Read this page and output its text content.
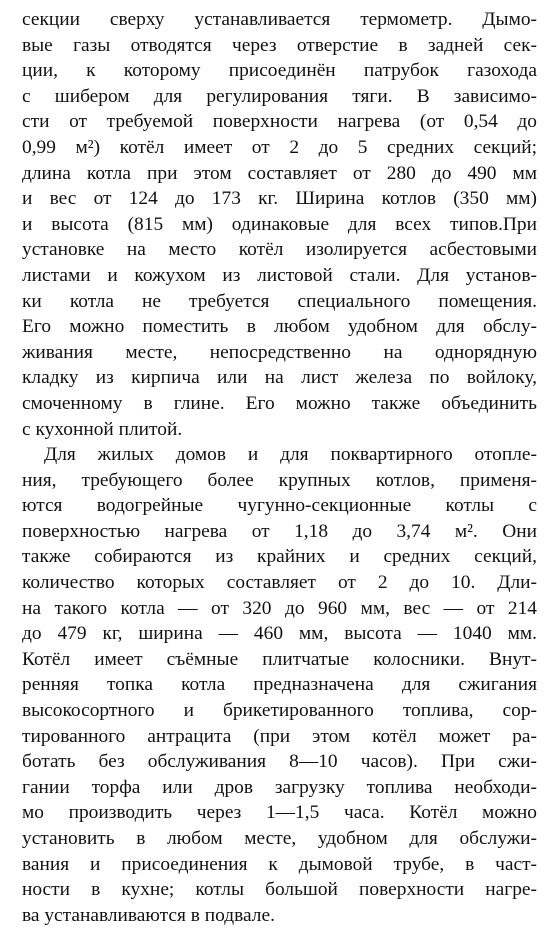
секции сверху устанавливается термометр. Дымо-
вые газы отводятся через отверстие в задней сек-
ции, к которому присоединён патрубок газохода
с шибером для регулирования тяги. В зависимо-
сти от требуемой поверхности нагрева (от 0,54 до
0,99 м²) котёл имеет от 2 до 5 средних секций;
длина котла при этом составляет от 280 до 490 мм
и вес от 124 до 173 кг. Ширина котлов (350 мм)
и высота (815 мм) одинаковые для всех типов.При
установке на место котёл изолируется асбестовыми
листами и кожухом из листовой стали. Для установ-
ки котла не требуется специального помещения.
Его можно поместить в любом удобном для обслу-
живания месте, непосредственно на однорядную
кладку из кирпича или на лист железа по войлоку,
смоченному в глине. Его можно также объединить
с кухонной плитой.
Для жилых домов и для поквартирного отопле-
ния, требующего более крупных котлов, применя-
ются водогрейные чугунно-секционные котлы с
поверхностью нагрева от 1,18 до 3,74 м². Они
также собираются из крайних и средних секций,
количество которых составляет от 2 до 10. Дли-
на такого котла — от 320 до 960 мм, вес — от 214
до 479 кг, ширина — 460 мм, высота — 1040 мм.
Котёл имеет съёмные плитчатые колосники. Внут-
ренняя топка котла предназначена для сжигания
высокосортного и брикетированного топлива, сор-
тированного антрацита (при этом котёл может ра-
ботать без обслуживания 8—10 часов). При сжи-
гании торфа или дров загрузку топлива необходи-
мо производить через 1—1,5 часа. Котёл можно
установить в любом месте, удобном для обслужи-
вания и присоединения к дымовой трубе, в част-
ности в кухне; котлы большой поверхности нагре-
ва устанавливаются в подвале.
